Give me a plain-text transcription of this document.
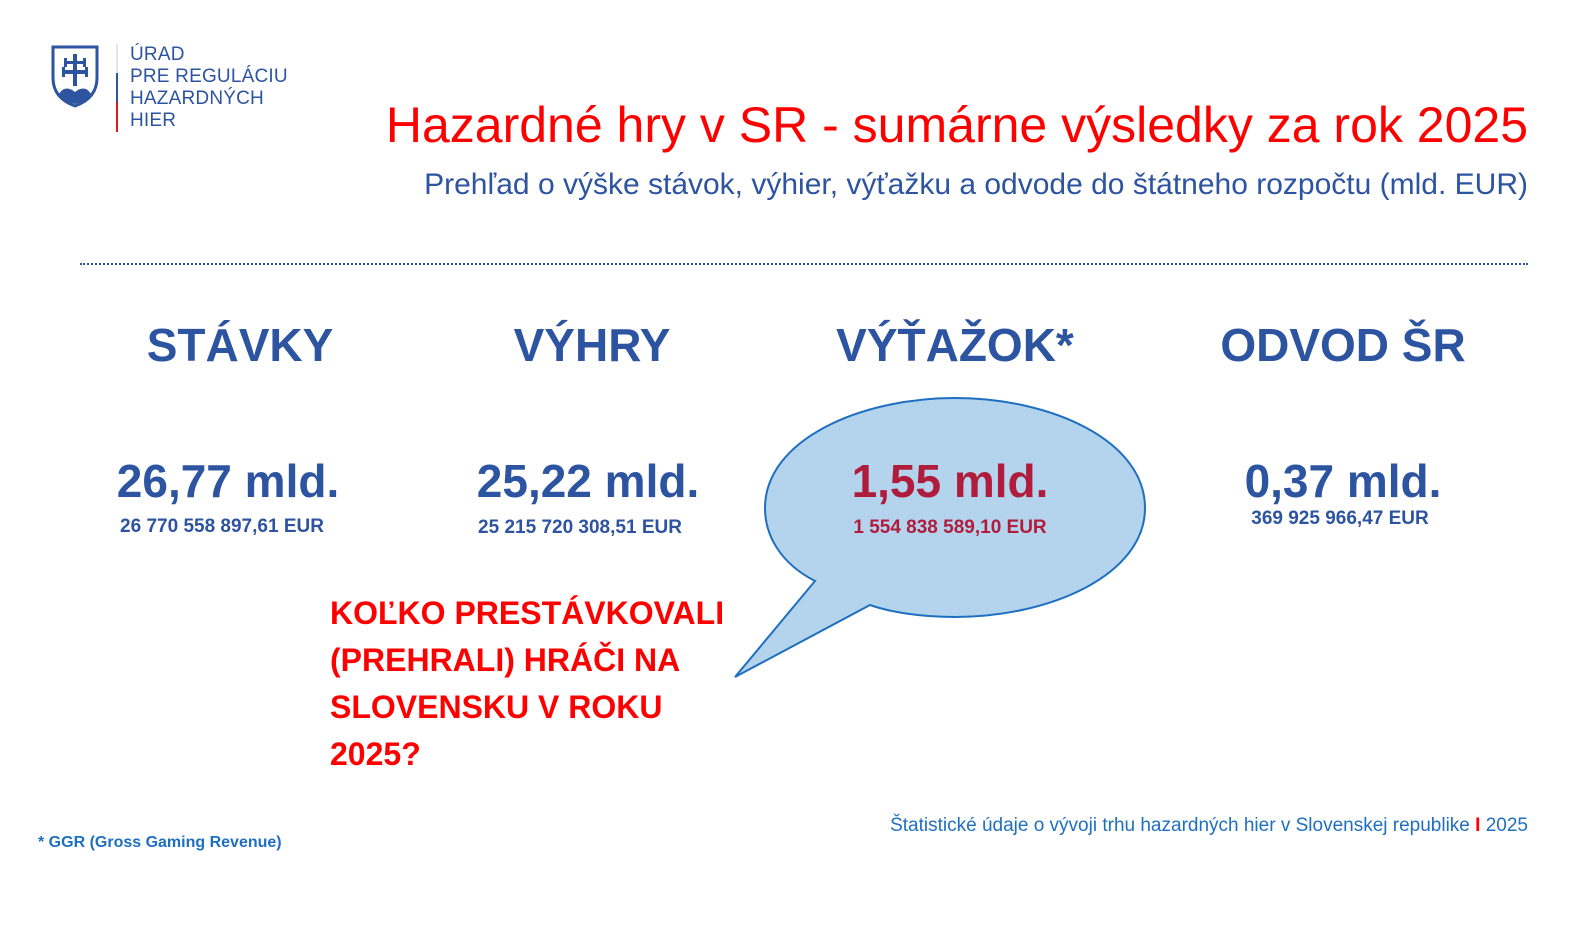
ÚRAD
PRE REGULÁCIU
HAZARDNÝCH
HIER	Hazardné hry v SR - sumárne výsledky za rok 2025
Prehľad o výške stávok, výhier, výťažku a odvode do štátneho rozpočtu (mld. EUR)
STÁVKY
26,77 mld.
26 770 558 897,61 EUR
VÝHRY
25,22 mld.
25 215 720 308,51 EUR
VÝŤAŽOK*
1,55 mld.
1 554 838 589,10 EUR
ODVOD ŠR
0,37 mld.
369 925 966,47 EUR
KOĽKO PRESTÁVKOVALI
(PREHRALI) HRÁČI NA
SLOVENSKU V ROKU
2025?
* GGR (Gross Gaming Revenue)
Štatistické údaje o vývoji trhu hazardných hier v Slovenskej republike I 2025
